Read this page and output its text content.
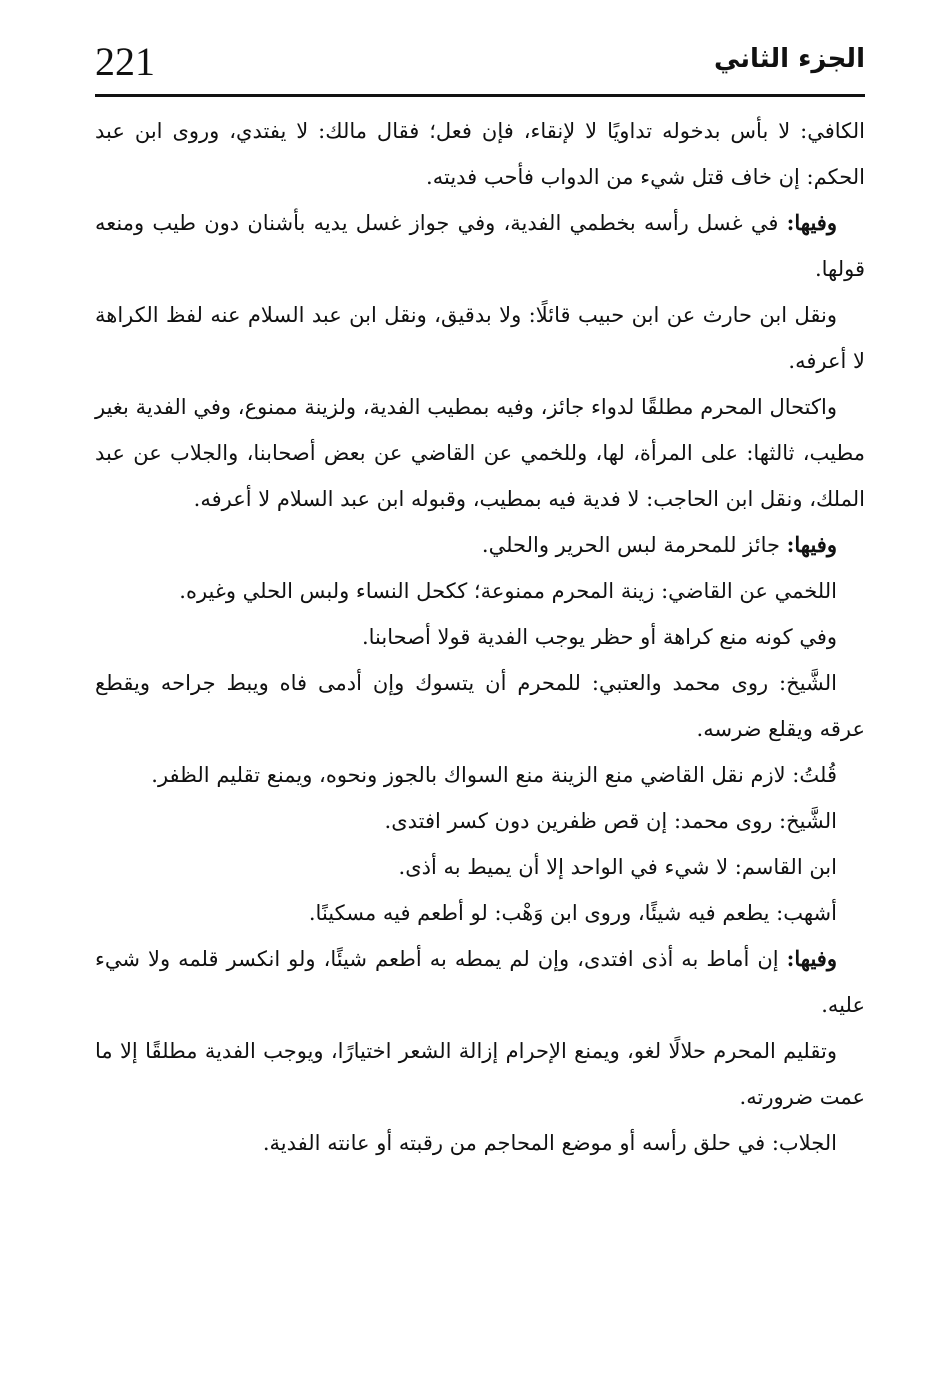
221	الجزء الثاني

الكافي: لا بأس بدخوله تداويًا لا لإنقاء، فإن فعل؛ فقال مالك: لا يفتدي، وروى ابن عبد الحكم: إن خاف قتل شيء من الدواب فأحب فديته.

وفيها: في غسل رأسه بخطمي الفدية، وفي جواز غسل يديه بأشنان دون طيب ومنعه قولها.

ونقل ابن حارث عن ابن حبيب قائلًا: ولا بدقيق، ونقل ابن عبد السلام عنه لفظ الكراهة لا أعرفه.

واكتحال المحرم مطلقًا لدواء جائز، وفيه بمطيب الفدية، ولزينة ممنوع، وفي الفدية بغير مطيب، ثالثها: على المرأة، لها، وللخمي عن القاضي عن بعض أصحابنا، والجلاب عن عبد الملك، ونقل ابن الحاجب: لا فدية فيه بمطيب، وقبوله ابن عبد السلام لا أعرفه.

وفيها: جائز للمحرمة لبس الحرير والحلي.

اللخمي عن القاضي: زينة المحرم ممنوعة؛ ككحل النساء ولبس الحلي وغيره.

وفي كونه منع كراهة أو حظر يوجب الفدية قولا أصحابنا.

الشَّيخ: روى محمد والعتبي: للمحرم أن يتسوك وإن أدمى فاه ويبط جراحه ويقطع عرقه ويقلع ضرسه.

قُلتُ: لازم نقل القاضي منع الزينة منع السواك بالجوز ونحوه، ويمنع تقليم الظفر.

الشَّيخ: روى محمد: إن قص ظفرين دون كسر افتدى.

ابن القاسم: لا شيء في الواحد إلا أن يميط به أذى.

أشهب: يطعم فيه شيئًا، وروى ابن وَهْب: لو أطعم فيه مسكينًا.

وفيها: إن أماط به أذى افتدى، وإن لم يمطه به أطعم شيئًا، ولو انكسر قلمه ولا شيء عليه.

وتقليم المحرم حلالًا لغو، ويمنع الإحرام إزالة الشعر اختيارًا، ويوجب الفدية مطلقًا إلا ما عمت ضرورته.

الجلاب: في حلق رأسه أو موضع المحاجم من رقبته أو عانته الفدية.
